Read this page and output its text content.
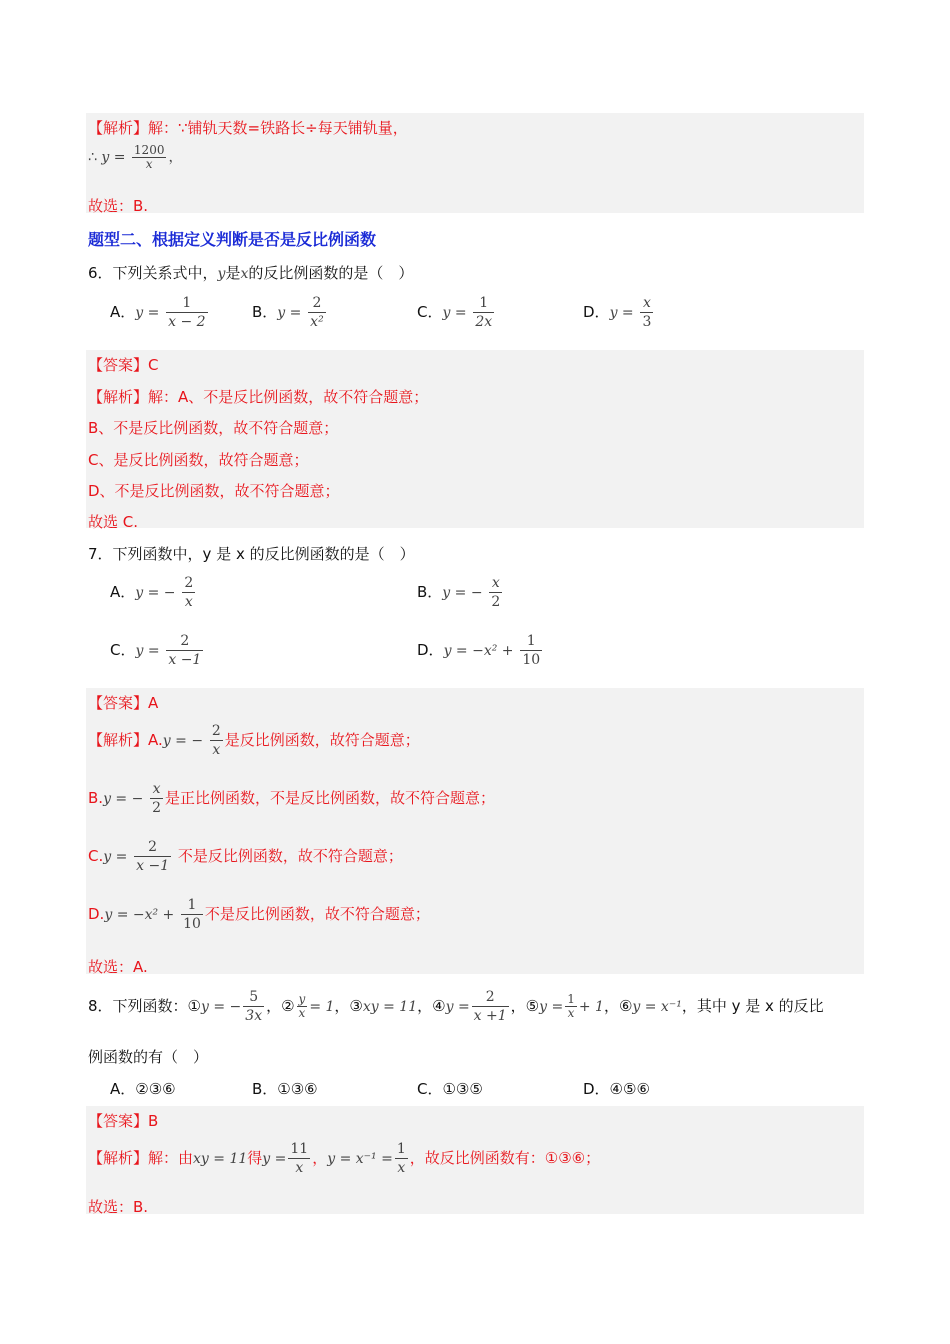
【解析】解：∵铺轨天数=铁路长÷每天铺轨量，
∴ $y = \frac{1200}{x}$ ，
故选：B.
题型二、根据定义判断是否是反比例函数
6．下列关系式中，y是x的反比例函数的是（　）
A．$y = \frac{1}{x - 2}$	B．$y = \frac{2}{\text{x²}}$	C．$y = \frac{1}{2x}$	D．$y = \frac{x}{3}$
【答案】C
【解析】解：A、不是反比例函数，故不符合题意；
B、不是反比例函数，故不符合题意；
C、是反比例函数，故符合题意；
D、不是反比例函数，故不符合题意；
故选 C.
7．下列函数中，y 是 x 的反比例函数的是（　）
A．y = − $\frac{2}{x}$	B．y = − $\frac{x}{2}$
C．$y = \frac{2}{x -1}$	D．$y = -x^2 + \frac{1}{10}$
【答案】A
【解析】A.y = − $\frac{2}{x}$ 是反比例函数，故符合题意；
B.y = − $\frac{x}{2}$ 是正比例函数，不是反比例函数，故不符合题意；
$C.y = \frac{2}{x -1}$ 不是反比例函数，故不符合题意；
$D.y = -x^2 + \frac{1}{10}$ 不是反比例函数，故不符合题意；
故选：A.
8．下列函数：①y = − $\frac{5}{3x}$ ，② $\frac{y}{x} = 1$，③xy = 11，④y = $\frac{2}{x +1}$ ，⑤y = $\frac{1}{x} + 1$，⑥y = x⁻¹，其中 y 是 x 的反比
例函数的有（　）
A．②③⑥	B．①③⑥	C．①③⑤	D．④⑤⑥
【答案】B
【解析】解：由xy = 11得$y = \frac{11}{x}$ ，$y = x^{-1} = \frac{1}{x}$ ，故反比例函数有：①③⑥；
故选：B.
